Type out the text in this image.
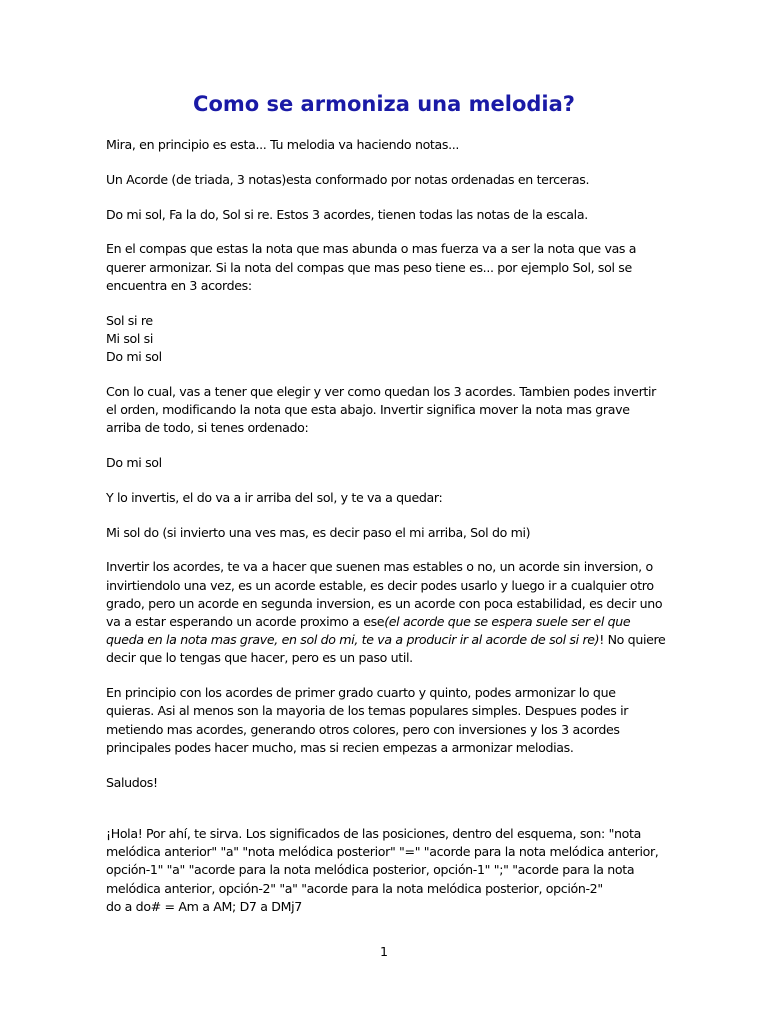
Como se armoniza una melodia?

Mira, en principio es esta... Tu melodia va haciendo notas...

Un Acorde (de triada, 3 notas)esta conformado por notas ordenadas en terceras.

Do mi sol, Fa la do, Sol si re. Estos 3 acordes, tienen todas las notas de la escala.

En el compas que estas la nota que mas abunda o mas fuerza va a ser la nota que vas a querer armonizar. Si la nota del compas que mas peso tiene es... por ejemplo Sol, sol se encuentra en 3 acordes:

Sol si re

Mi sol si

Do mi sol

Con lo cual, vas a tener que elegir y ver como quedan los 3 acordes. Tambien podes invertir el orden, modificando la nota que esta abajo. Invertir significa mover la nota mas grave arriba de todo, si tenes ordenado:

Do mi sol

Y lo invertis, el do va a ir arriba del sol, y te va a quedar:

Mi sol do (si invierto una ves mas, es decir paso el mi arriba, Sol do mi)

Invertir los acordes, te va a hacer que suenen mas estables o no, un acorde sin inversion, o invirtiendolo una vez, es un acorde estable, es decir podes usarlo y luego ir a cualquier otro grado, pero un acorde en segunda inversion, es un acorde con poca estabilidad, es decir uno va a estar esperando un acorde proximo a ese(el acorde que se espera suele ser el que queda en la nota mas grave, en sol do mi, te va a producir ir al acorde de sol si re)! No quiere decir que lo tengas que hacer, pero es un paso util.

En principio con los acordes de primer grado cuarto y quinto, podes armonizar lo que quieras. Asi al menos son la mayoria de los temas populares simples. Despues podes ir metiendo mas acordes, generando otros colores, pero con inversiones y los 3 acordes principales podes hacer mucho, mas si recien empezas a armonizar melodias.

Saludos!

¡Hola! Por ahí, te sirva. Los significados de las posiciones, dentro del esquema, son: "nota melódica anterior" "a" "nota melódica posterior" "=" "acorde para la nota melódica anterior, opción-1" "a" "acorde para la nota melódica posterior, opción-1" ";" "acorde para la nota melódica anterior, opción-2" "a" "acorde para la nota melódica posterior, opción-2"

do a do# = Am a AM; D7 a DMj7

1
